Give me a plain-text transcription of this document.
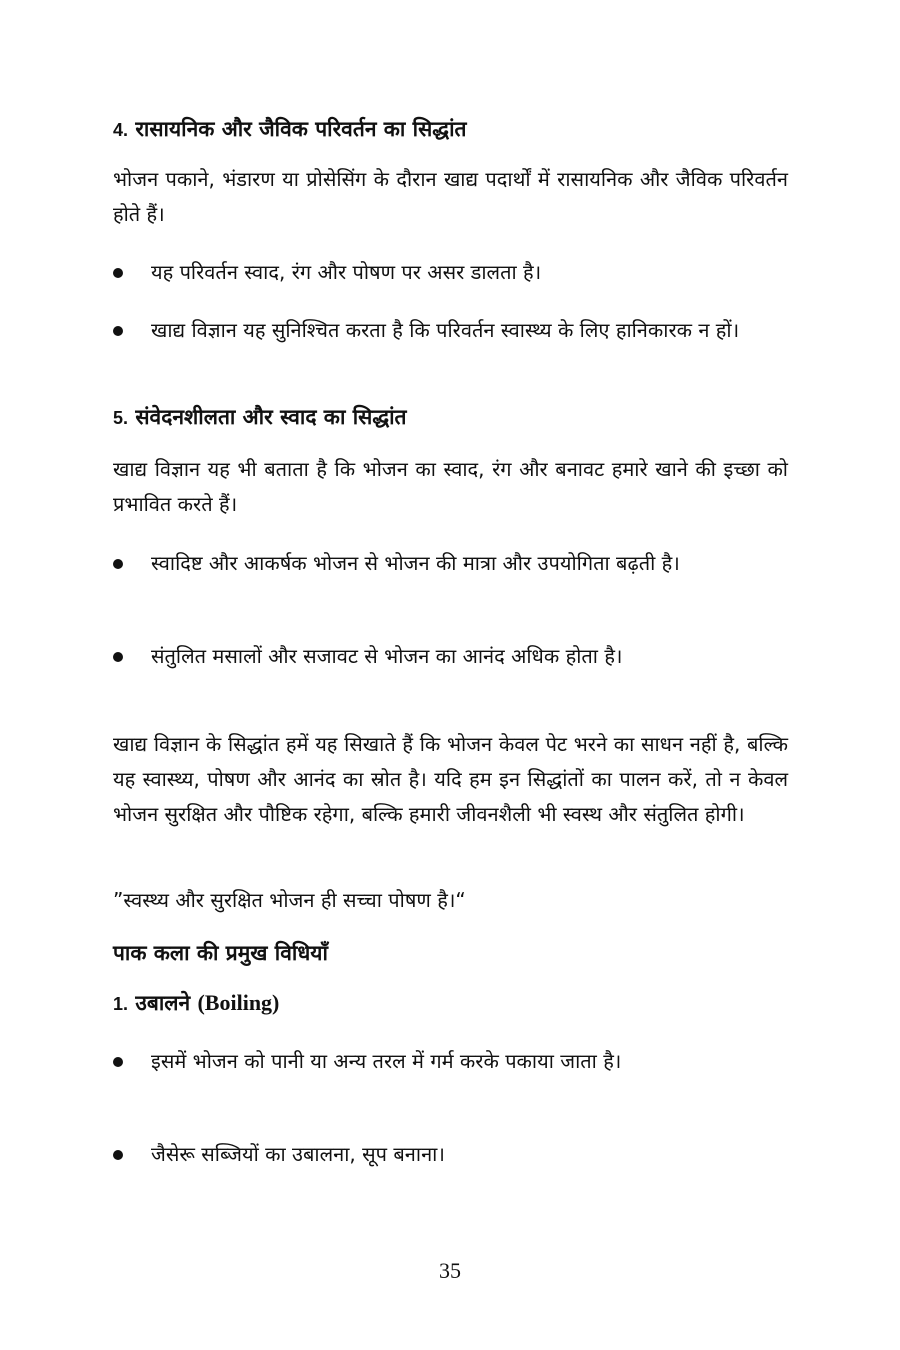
4. रासायनिक और जैविक परिवर्तन का सिद्धांत
भोजन पकाने, भंडारण या प्रोसेसिंग के दौरान खाद्य पदार्थों में रासायनिक और जैविक परिवर्तन होते हैं।
यह परिवर्तन स्वाद, रंग और पोषण पर असर डालता है।
खाद्य विज्ञान यह सुनिश्चित करता है कि परिवर्तन स्वास्थ्य के लिए हानिकारक न हों।
5. संवेदनशीलता और स्वाद का सिद्धांत
खाद्य विज्ञान यह भी बताता है कि भोजन का स्वाद, रंग और बनावट हमारे खाने की इच्छा को प्रभावित करते हैं।
स्वादिष्ट और आकर्षक भोजन से भोजन की मात्रा और उपयोगिता बढ़ती है।
संतुलित मसालों और सजावट से भोजन का आनंद अधिक होता है।
खाद्य विज्ञान के सिद्धांत हमें यह सिखाते हैं कि भोजन केवल पेट भरने का साधन नहीं है, बल्कि यह स्वास्थ्य, पोषण और आनंद का स्रोत है। यदि हम इन सिद्धांतों का पालन करें, तो न केवल भोजन सुरक्षित और पौष्टिक रहेगा, बल्कि हमारी जीवनशैली भी स्वस्थ और संतुलित होगी।
”स्वस्थ्य और सुरक्षित भोजन ही सच्चा पोषण है।“
पाक कला की प्रमुख विधियाँ
1. उबालने (Boiling)
इसमें भोजन को पानी या अन्य तरल में गर्म करके पकाया जाता है।
जैसेरू सब्जियों का उबालना, सूप बनाना।
35
